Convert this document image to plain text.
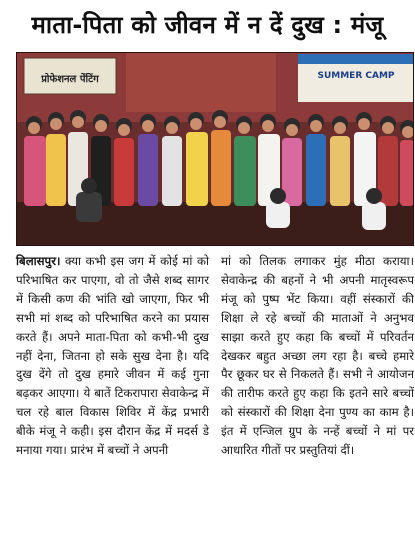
माता-पिता को जीवन में न दें दुख : मंजू
प्रोफेशनल पेंटिंग	SUMMER CAMP

बिलासपुर। क्या कभी इस जग में कोई मां को परिभाषित कर पाएगा, वो तो जैसे शब्द सागर में किसी कण की भांति खो जाएगा, फिर भी सभी मां शब्द को परिभाषित करने का प्रयास करते हैं। अपने माता-पिता को कभी-भी दुख नहीं देना, जितना हो सके सुख देना है। यदि दुख देंगे तो दुख हमारे जीवन में कई गुना बढ़कर आएगा। ये बातें टिकरापारा सेवाकेन्द्र में चल रहे बाल विकास शिविर में केंद्र प्रभारी बीके मंजू ने कही। इस दौरान केंद्र में मदर्स डे मनाया गया। प्रारंभ में बच्चों ने अपनी

मां को तिलक लगाकर मुंह मीठा कराया। सेवाकेन्द्र की बहनों ने भी अपनी मातृस्वरूप मंजू को पुष्प भेंट किया। वहीं संस्कारों की शिक्षा ले रहे बच्चों की माताओं ने अनुभव साझा करते हुए कहा कि बच्चों में परिवर्तन देखकर बहुत अच्छा लग रहा है। बच्चे हमारे पैर छूकर घर से निकलते हैं। सभी ने आयोजन की तारीफ करते हुए कहा कि इतने सारे बच्चों को संस्कारों की शिक्षा देना पुण्य का काम है। इंत में एन्जिल ग्रुप के नन्हें बच्चों ने मां पर आधारित गीतों पर प्रस्तुतियां दीं।
